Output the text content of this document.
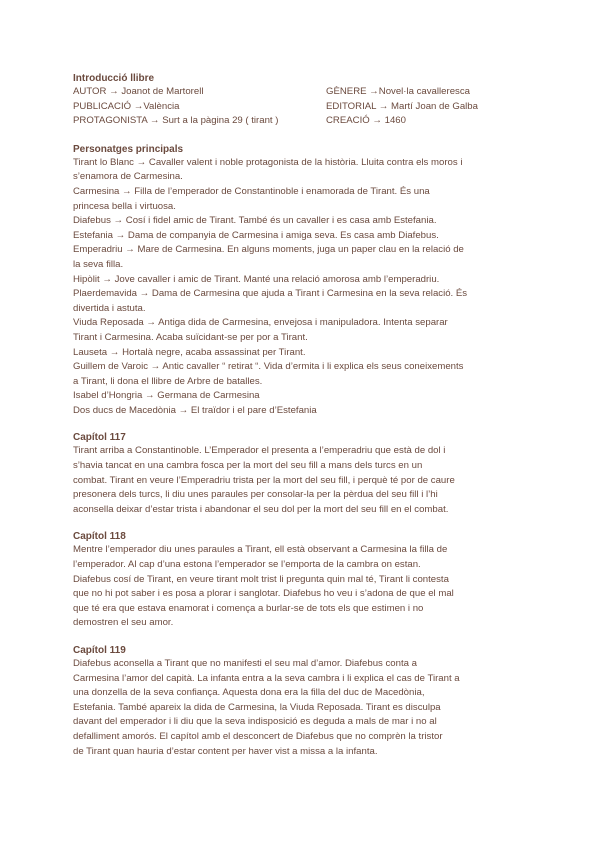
Introducció llibre

AUTOR → Joanot de Martorell	GÈNERE →Novel·la cavalleresca

PUBLICACIÓ →València	EDITORIAL → Martí Joan de Galba

PROTAGONISTA → Surt a la pàgina 29 ( tirant )	CREACIÓ → 1460

Personatges principals

Tirant lo Blanc → Cavaller valent i noble protagonista de la història. Lluita contra els moros i

s’enamora de Carmesina.

Carmesina → Filla de l’emperador de Constantinoble i enamorada de Tirant. És una

princesa bella i virtuosa.

Diafebus → Cosí i fidel amic de Tirant. També és un cavaller i es casa amb Estefania.

Estefania → Dama de companyia de Carmesina i amiga seva. Es casa amb Diafebus.

Emperadriu → Mare de Carmesina. En alguns moments, juga un paper clau en la relació de

la seva filla.

Hipòlit → Jove cavaller i amic de Tirant. Manté una relació amorosa amb l’emperadriu.

Plaerdemavida → Dama de Carmesina que ajuda a Tirant i Carmesina en la seva relació. És

divertida i astuta.

Viuda Reposada → Antiga dida de Carmesina, envejosa i manipuladora. Intenta separar

Tirant i Carmesina. Acaba suïcidant-se per por a Tirant.

Lauseta → Hortalà negre, acaba assassinat per Tirant.

Guillem de Varoic → Antic cavaller “ retirat “. Vida d’ermita i li explica els seus coneixements

a Tirant, li dona el llibre de Arbre de batalles.

Isabel d’Hongria → Germana de Carmesina

Dos ducs de Macedònia → El traïdor i el pare d’Estefania

Capítol 117

Tirant arriba a Constantinoble. L’Emperador el presenta a l’emperadriu que està de dol i

s’havia tancat en una cambra fosca per la mort del seu fill a mans dels turcs en un

combat. Tirant en veure l’Emperadriu trista per la mort del seu fill, i perquè té por de caure

presonera dels turcs, li diu unes paraules per consolar-la per la pèrdua del seu fill i l’hi

aconsella deixar d’estar trista i abandonar el seu dol per la mort del seu fill en el combat.

Capítol 118

Mentre l’emperador diu unes paraules a Tirant, ell està observant a Carmesina la filla de

l’emperador. Al cap d’una estona l’emperador se l’emporta de la cambra on estan.

Diafebus cosí de Tirant, en veure tirant molt trist li pregunta quin mal té, Tirant li contesta

que no hi pot saber i es posa a plorar i sanglotar. Diafebus ho veu i s’adona de que el mal

que té era que estava enamorat i comença a burlar-se de tots els que estimen i no

demostren el seu amor.

Capítol 119

Diafebus aconsella a Tirant que no manifesti el seu mal d’amor. Diafebus conta a

Carmesina l’amor del capità. La infanta entra a la seva cambra i li explica el cas de Tirant a

una donzella de la seva confiança. Aquesta dona era la filla del duc de Macedònia,

Estefania. També apareix la dida de Carmesina, la Viuda Reposada. Tirant es disculpa

davant del emperador i li diu que la seva indisposició es deguda a mals de mar i no al

defalliment amorós. El capítol amb el desconcert de Diafebus que no comprèn la tristor

de Tirant quan hauria d’estar content per haver vist a missa a la infanta.
